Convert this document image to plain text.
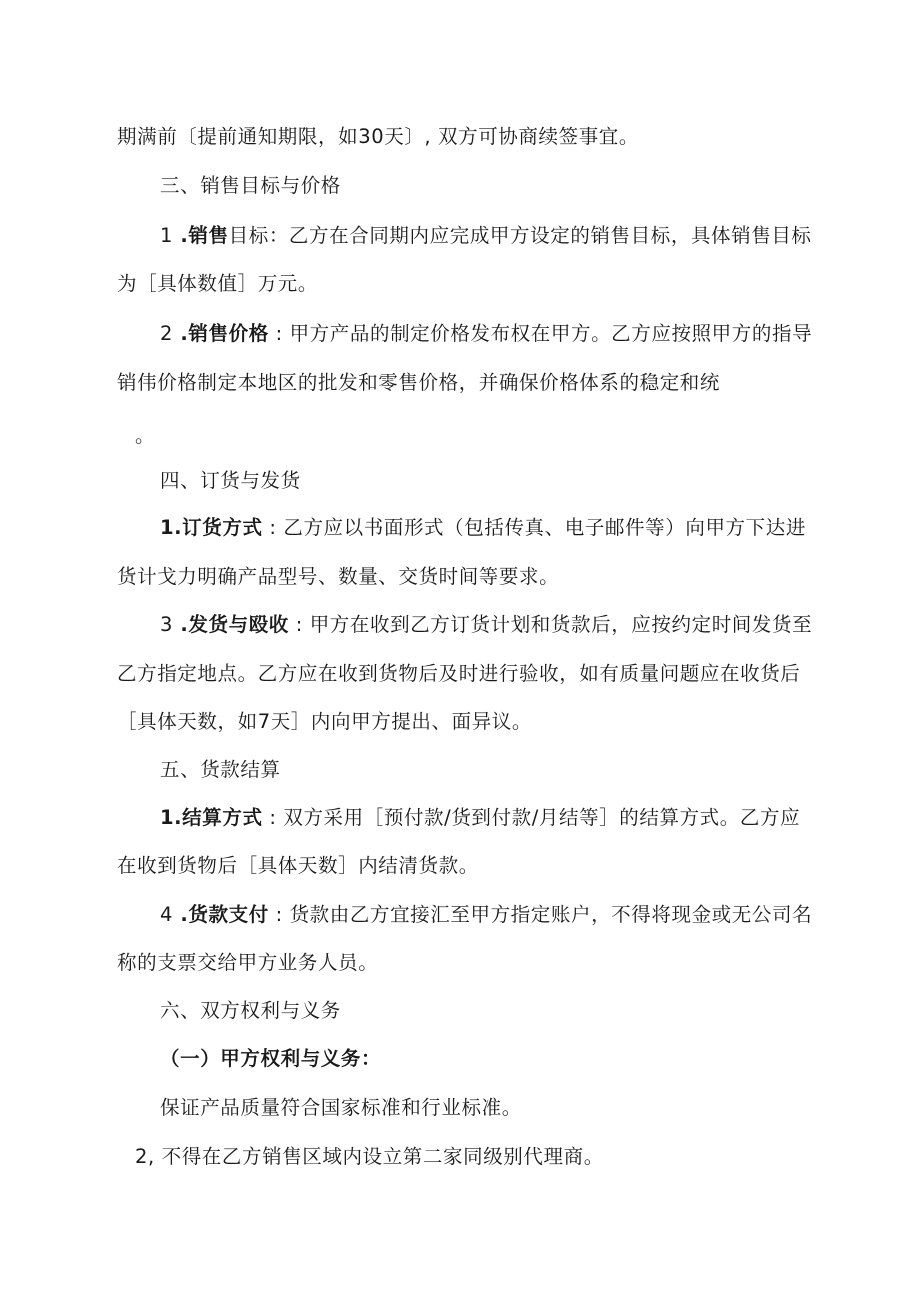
期满前〔提前通知期限，如30天〕, 双方可协商续签事宜。
三、销售目标与价格
1 .销售目标：乙方在合同期内应完成甲方设定的销售目标，具体销售目标
为［具体数值］万元。
2 .销售价格 : 甲方产品的制定价格发布权在甲方。乙方应按照甲方的指导
销伟价格制定本地区的批发和零售价格，并确保价格体系的稳定和统
。
四、订货与发货
1.订货方式 : 乙方应以书面形式（包括传真、电子邮件等）向甲方下达进
货计戈力明确产品型号、数量、交货时间等要求。
3 .发货与殴收 : 甲方在收到乙方订货计划和货款后，应按约定时间发货至
乙方指定地点。乙方应在收到货物后及时进行验收，如有质量问题应在收货后
［具体天数，如7天］内向甲方提出、面异议。
五、货款结算
1.结算方式 : 双方采用［预付款/货到付款/月结等］的结算方式。乙方应
在收到货物后［具体天数］内结清货款。
4 .货款支付 : 货款由乙方宜接汇至甲方指定账户，不得将现金或无公司名
称的支票交给甲方业务人员。
六、双方权利与义务
（一）甲方权利与义务：
保证产品质量符合国家标准和行业标准。
2, 不得在乙方销售区域内设立第二家同级别代理商。
